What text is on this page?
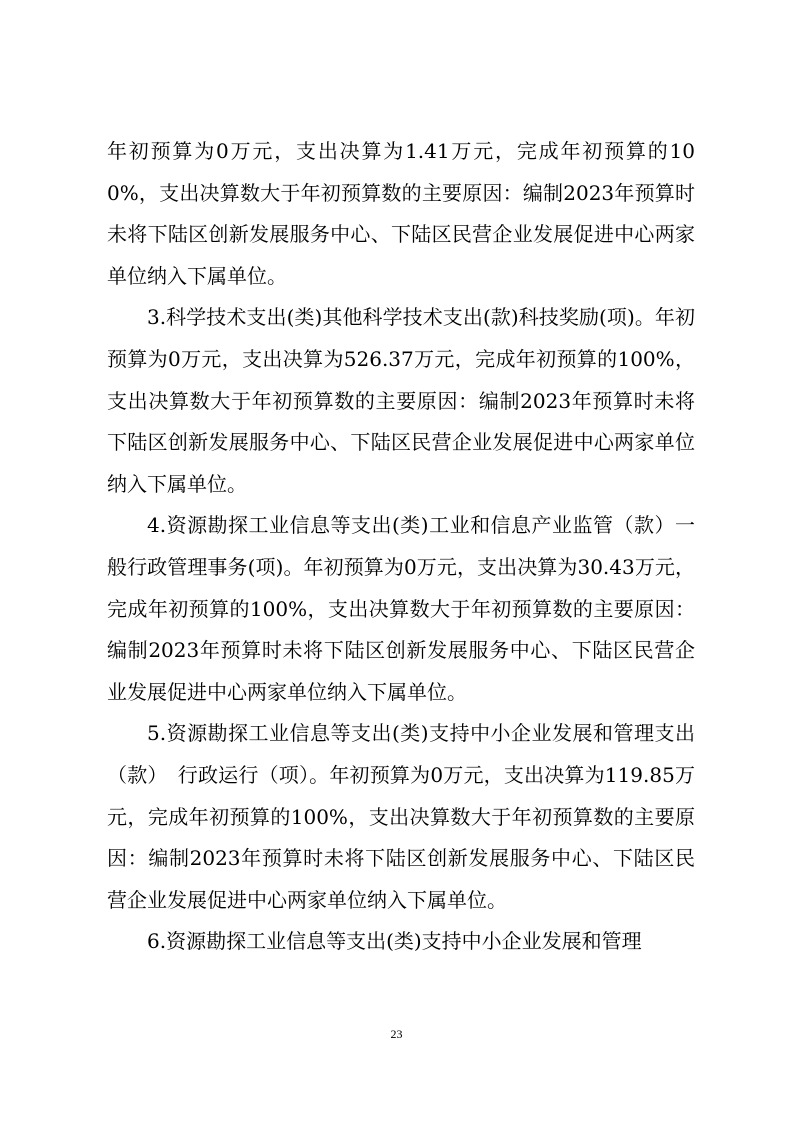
年初预算为0万元，支出决算为1.41万元，完成年初预算的100%，支出决算数大于年初预算数的主要原因：编制2023年预算时未将下陆区创新发展服务中心、下陆区民营企业发展促进中心两家单位纳入下属单位。

3.科学技术支出(类)其他科学技术支出(款)科技奖励(项)。年初预算为0万元，支出决算为526.37万元，完成年初预算的100%，支出决算数大于年初预算数的主要原因：编制2023年预算时未将下陆区创新发展服务中心、下陆区民营企业发展促进中心两家单位纳入下属单位。

4.资源勘探工业信息等支出(类)工业和信息产业监管（款）一般行政管理事务(项)。年初预算为0万元，支出决算为30.43万元，完成年初预算的100%，支出决算数大于年初预算数的主要原因：编制2023年预算时未将下陆区创新发展服务中心、下陆区民营企业发展促进中心两家单位纳入下属单位。

5.资源勘探工业信息等支出(类)支持中小企业发展和管理支出（款）　行政运行（项）。年初预算为0万元，支出决算为119.85万元，完成年初预算的100%，支出决算数大于年初预算数的主要原因：编制2023年预算时未将下陆区创新发展服务中心、下陆区民营企业发展促进中心两家单位纳入下属单位。

6.资源勘探工业信息等支出(类)支持中小企业发展和管理

23
